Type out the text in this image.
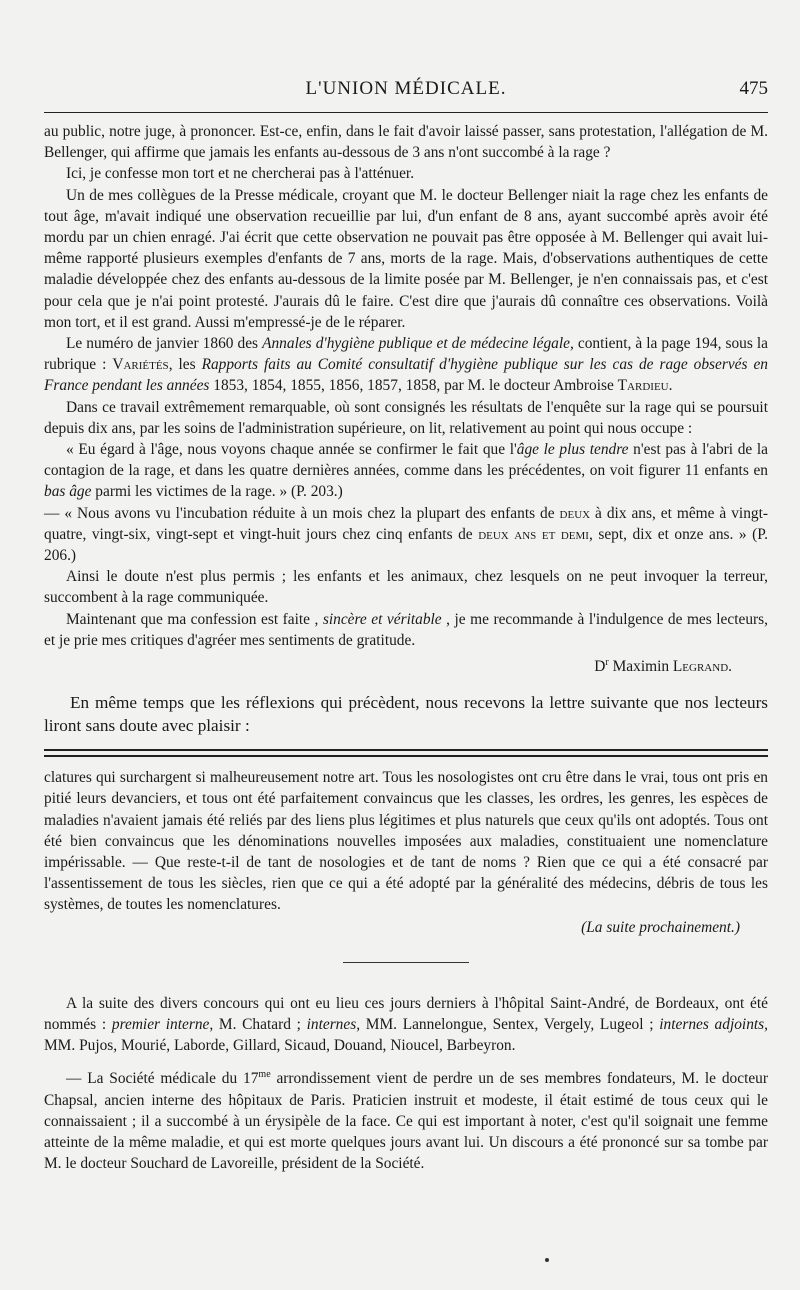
L'UNION MÉDICALE.	475

au public, notre juge, à prononcer. Est-ce, enfin, dans le fait d'avoir laissé passer, sans protestation, l'allégation de M. Bellenger, qui affirme que jamais les enfants au-dessous de 3 ans n'ont succombé à la rage ?

Ici, je confesse mon tort et ne chercherai pas à l'atténuer.

Un de mes collègues de la Presse médicale, croyant que M. le docteur Bellenger niait la rage chez les enfants de tout âge, m'avait indiqué une observation recueillie par lui, d'un enfant de 8 ans, ayant succombé après avoir été mordu par un chien enragé. J'ai écrit que cette observation ne pouvait pas être opposée à M. Bellenger qui avait lui-même rapporté plusieurs exemples d'enfants de 7 ans, morts de la rage. Mais, d'observations authentiques de cette maladie développée chez des enfants au-dessous de la limite posée par M. Bellenger, je n'en connaissais pas, et c'est pour cela que je n'ai point protesté. J'aurais dû le faire. C'est dire que j'aurais dû connaître ces observations. Voilà mon tort, et il est grand. Aussi m'empressé-je de le réparer.

Le numéro de janvier 1860 des Annales d'hygiène publique et de médecine légale, contient, à la page 194, sous la rubrique : Variétés, les Rapports faits au Comité consultatif d'hygiène publique sur les cas de rage observés en France pendant les années 1853, 1854, 1855, 1856, 1857, 1858, par M. le docteur Ambroise Tardieu.

Dans ce travail extrêmement remarquable, où sont consignés les résultats de l'enquête sur la rage qui se poursuit depuis dix ans, par les soins de l'administration supérieure, on lit, relativement au point qui nous occupe :

« Eu égard à l'âge, nous voyons chaque année se confirmer le fait que l'âge le plus tendre n'est pas à l'abri de la contagion de la rage, et dans les quatre dernières années, comme dans les précédentes, on voit figurer 11 enfants en bas âge parmi les victimes de la rage. » (P. 203.)

— « Nous avons vu l'incubation réduite à un mois chez la plupart des enfants de deux à dix ans, et même à vingt-quatre, vingt-six, vingt-sept et vingt-huit jours chez cinq enfants de deux ans et demi, sept, dix et onze ans. » (P. 206.)

Ainsi le doute n'est plus permis ; les enfants et les animaux, chez lesquels on ne peut invoquer la terreur, succombent à la rage communiquée.

Maintenant que ma confession est faite , sincère et véritable , je me recommande à l'indulgence de mes lecteurs, et je prie mes critiques d'agréer mes sentiments de gratitude.

$D^r$ Maximin Legrand.
En même temps que les réflexions qui précèdent, nous recevons la lettre suivante que nos lecteurs liront sans doute avec plaisir :

clatures qui surchargent si malheureusement notre art. Tous les nosologistes ont cru être dans le vrai, tous ont pris en pitié leurs devanciers, et tous ont été parfaitement convaincus que les classes, les ordres, les genres, les espèces de maladies n'avaient jamais été reliés par des liens plus légitimes et plus naturels que ceux qu'ils ont adoptés. Tous ont été bien convaincus que les dénominations nouvelles imposées aux maladies, constituaient une nomenclature impérissable. — Que reste-t-il de tant de nosologies et de tant de noms ? Rien que ce qui a été consacré par l'assentissement de tous les siècles, rien que ce qui a été adopté par la généralité des médecins, débris de tous les systèmes, de toutes les nomenclatures.

(La suite prochainement.)

A la suite des divers concours qui ont eu lieu ces jours derniers à l'hôpital Saint-André, de Bordeaux, ont été nommés : premier interne, M. Chatard ; internes, MM. Lannelongue, Sentex, Vergely, Lugeol ; internes adjoints, MM. Pujos, Mourié, Laborde, Gillard, Sicaud, Douand, Nioucel, Barbeyron.

— La Société médicale du $17^{me}$ arrondissement vient de perdre un de ses membres fondateurs, M. le docteur Chapsal, ancien interne des hôpitaux de Paris. Praticien instruit et modeste, il était estimé de tous ceux qui le connaissaient ; il a succombé à un érysipèle de la face. Ce qui est important à noter, c'est qu'il soignait une femme atteinte de la même maladie, et qui est morte quelques jours avant lui. Un discours a été prononcé sur sa tombe par M. le docteur Souchard de Lavoreille, président de la Société.
